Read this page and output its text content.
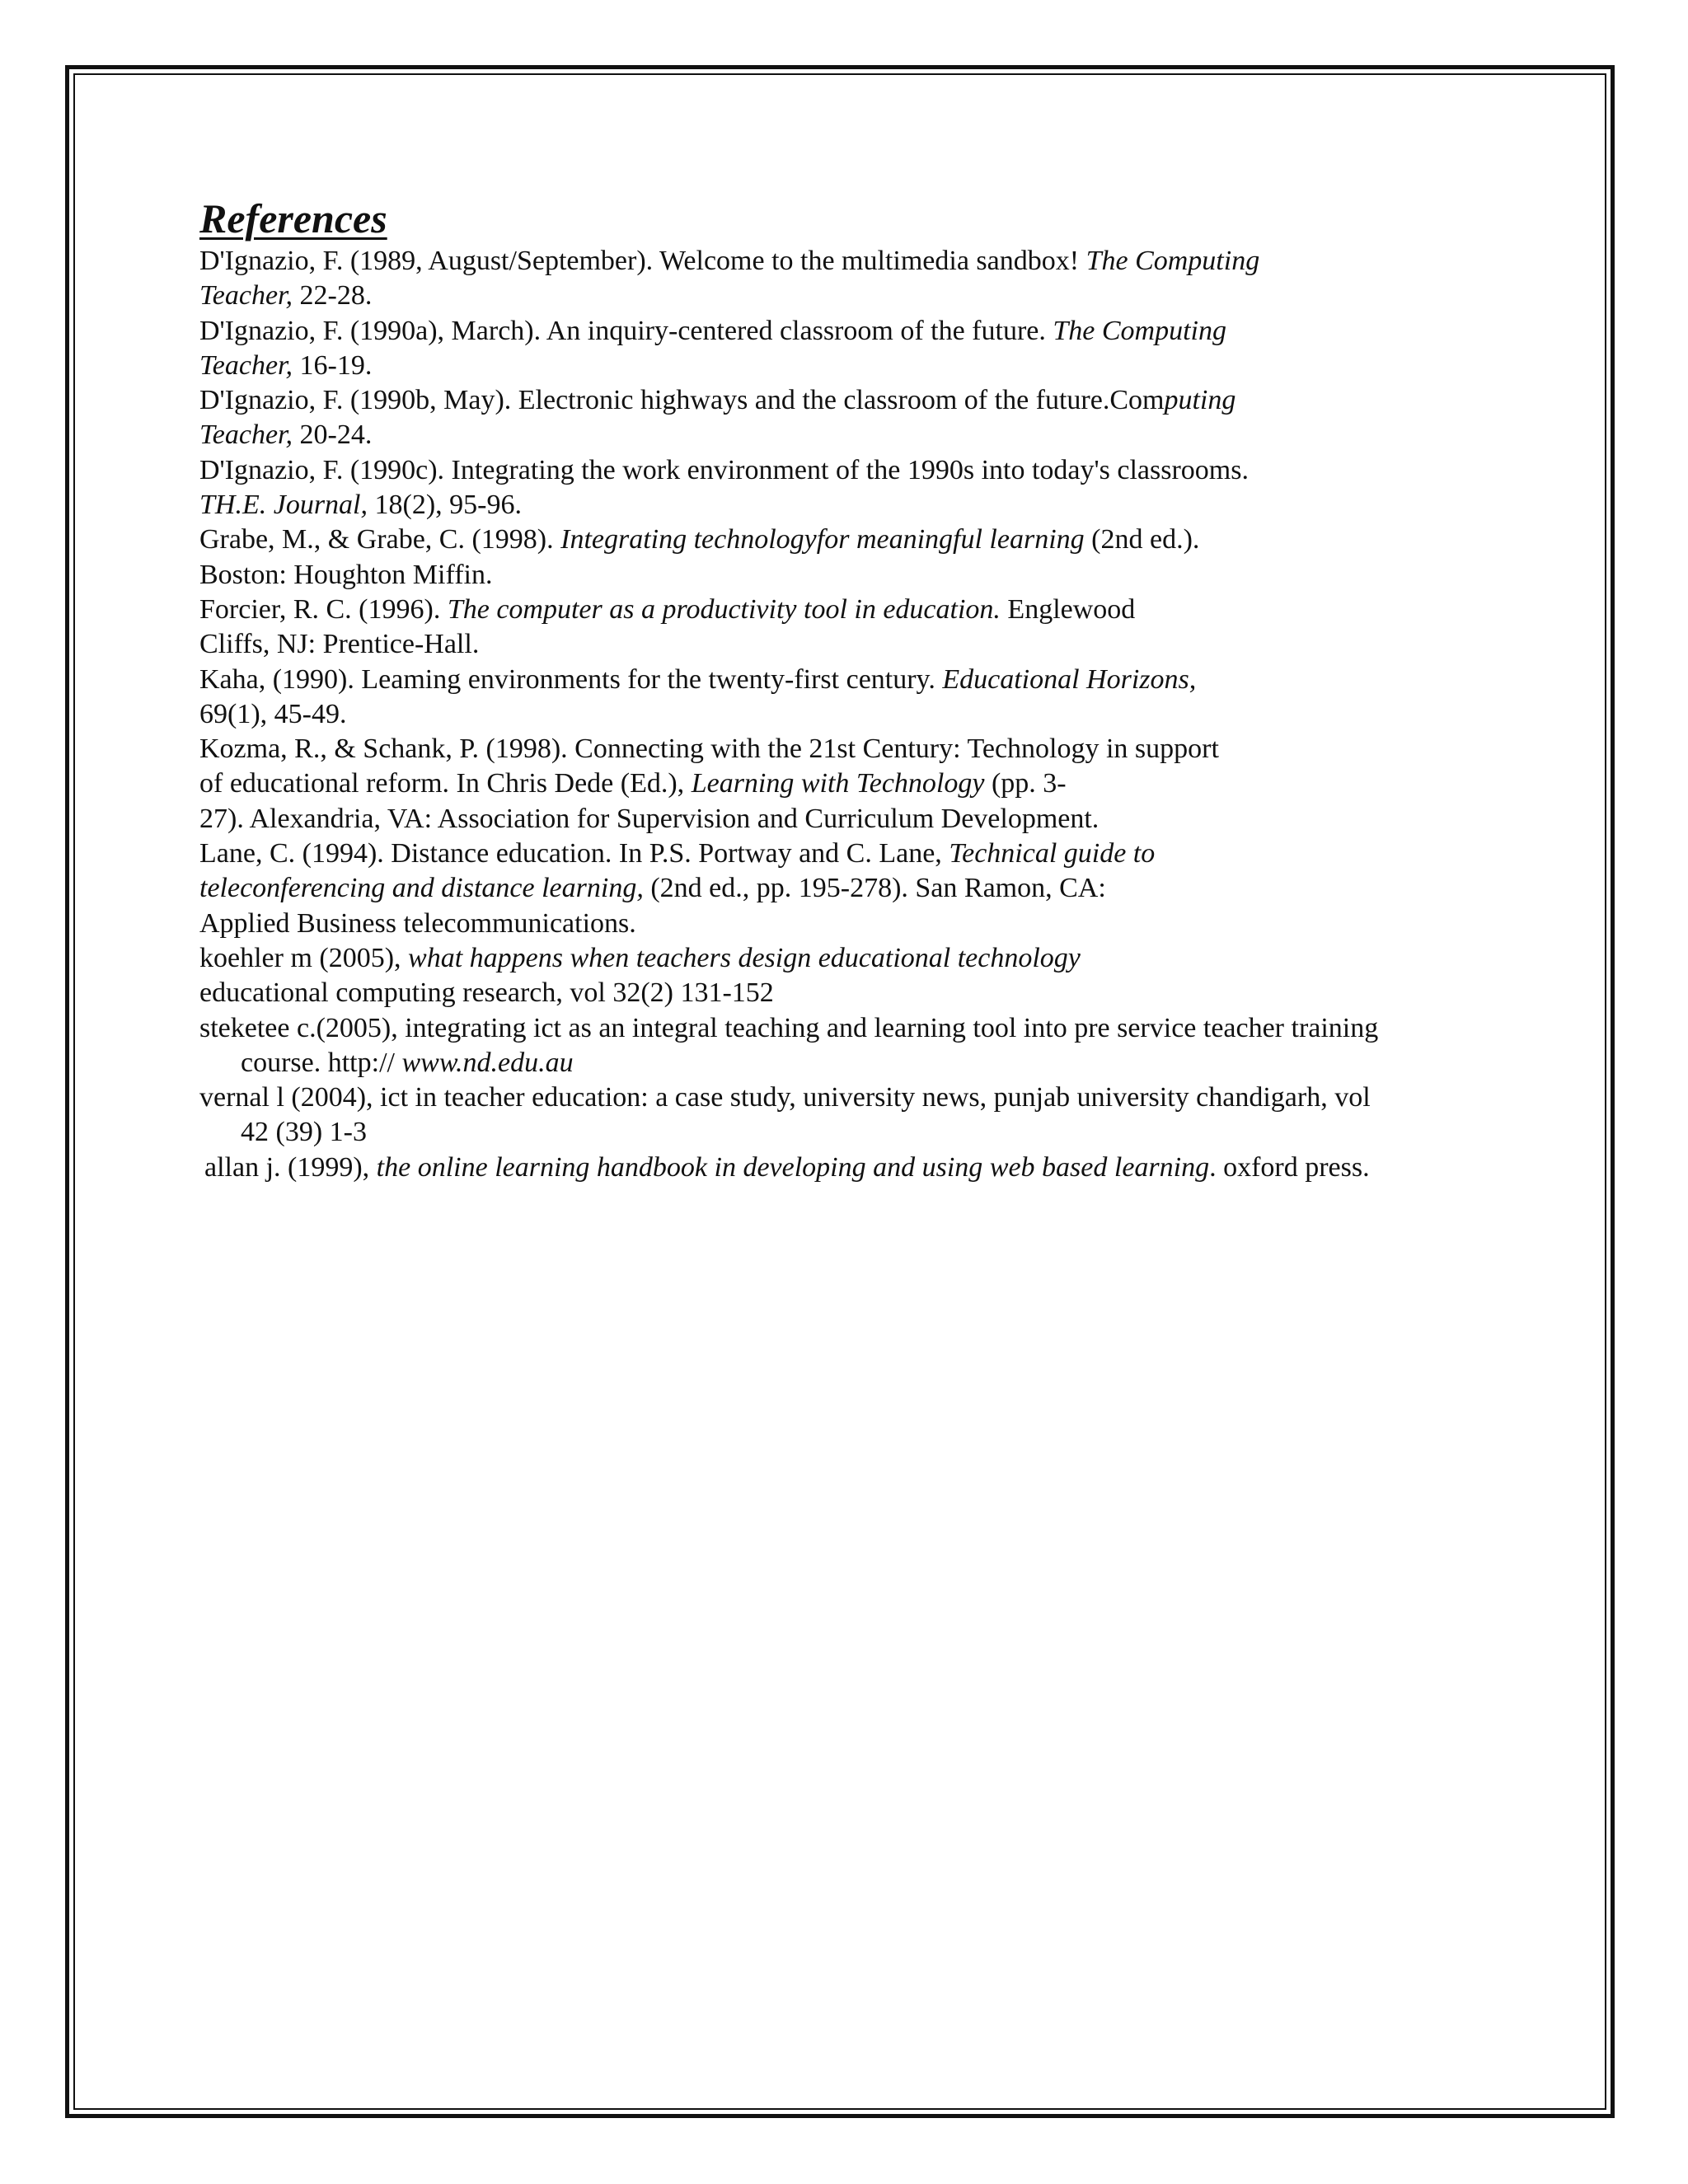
References
D'Ignazio, F. (1989, August/September). Welcome to the multimedia sandbox! The Computing
Teacher, 22-28.
D'Ignazio, F. (1990a), March). An inquiry-centered classroom of the future. The Computing
Teacher, 16-19.
D'Ignazio, F. (1990b, May). Electronic highways and the classroom of the future.Computing
Teacher, 20-24.
D'Ignazio, F. (1990c). Integrating the work environment of the 1990s into today's classrooms.
TH.E. Journal, 18(2), 95-96.
Grabe, M., & Grabe, C. (1998). Integrating technologyfor meaningful learning (2nd ed.).
Boston: Houghton Miffin.
Forcier, R. C. (1996). The computer as a productivity tool in education. Englewood
Cliffs, NJ: Prentice-Hall.
Kaha, (1990). Leaming environments for the twenty-first century. Educational Horizons,
69(1), 45-49.
Kozma, R., & Schank, P. (1998). Connecting with the 21st Century: Technology in support
of educational reform. In Chris Dede (Ed.), Learning with Technology (pp. 3-
27). Alexandria, VA: Association for Supervision and Curriculum Development.
Lane, C. (1994). Distance education. In P.S. Portway and C. Lane, Technical guide to
teleconferencing and distance learning, (2nd ed., pp. 195-278). San Ramon, CA:
Applied Business telecommunications.
koehler m (2005), what happens when teachers design educational technology
educational computing research, vol 32(2) 131-152
steketee c.(2005), integrating ict as an integral teaching and learning tool into pre service teacher training
course. http:// www.nd.edu.au
vernal l (2004), ict in teacher education: a case study, university news, punjab university chandigarh, vol
42 (39) 1-3
allan j. (1999), the online learning handbook in developing and using web based learning. oxford press.
